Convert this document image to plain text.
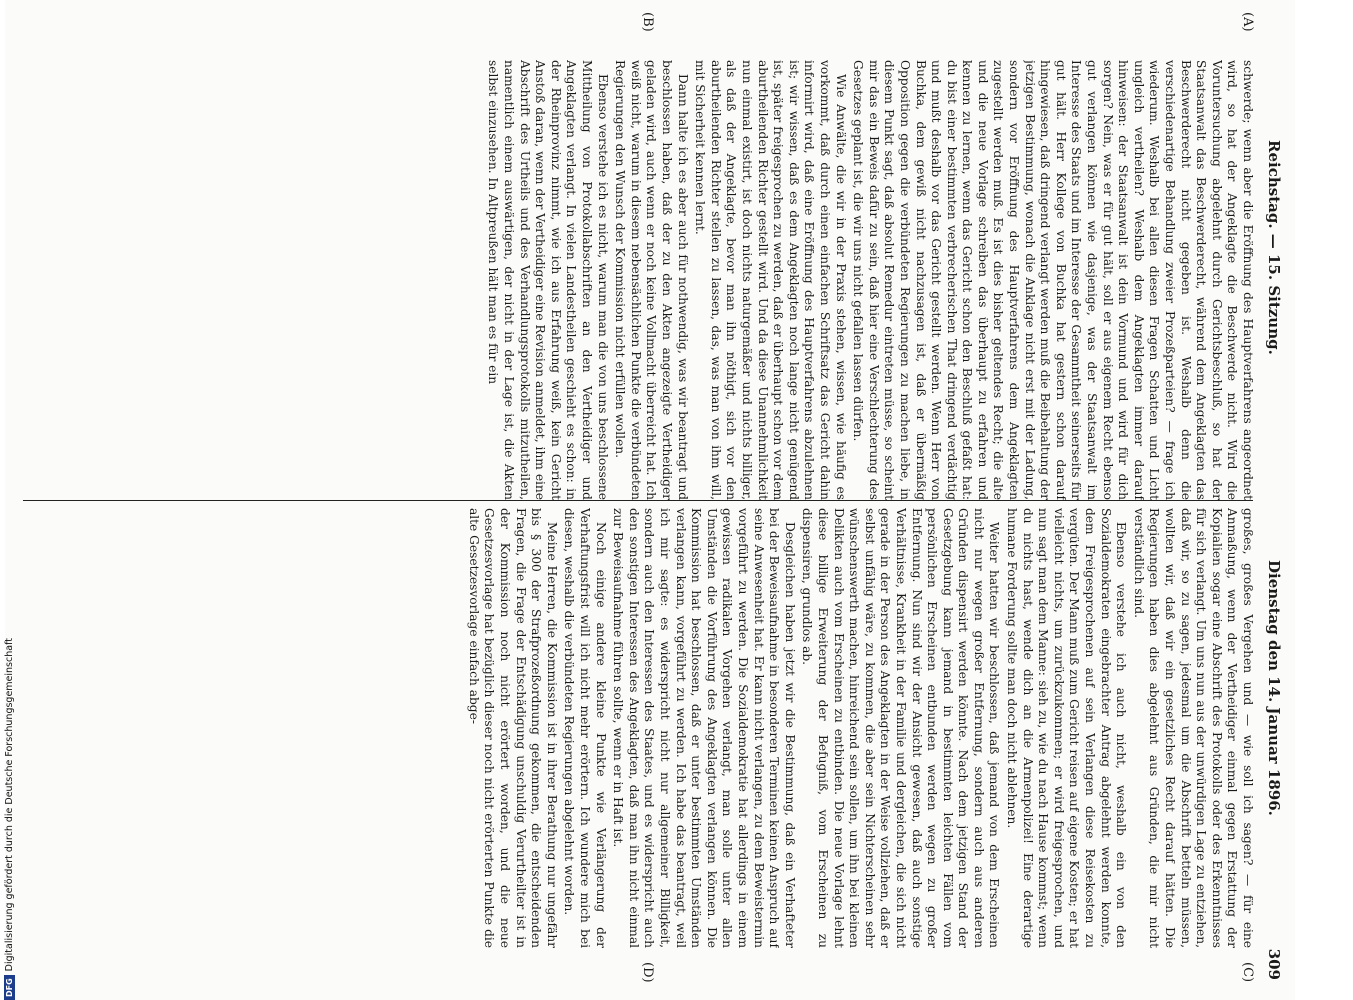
Reichstag. — 15. Sitzung.
Dienstag den 14. Januar 1896.
309
(A)
(B)
(C)
(D)

schwerde; wenn aber die Eröffnung des Hauptverfahrens angeordnet wird, so hat der Angeklagte die Beschwerde nicht. Wird die Voruntersuchung abgelehnt durch Gerichtsbeschluß, so hat der Staatsanwalt das Beschwerderecht, während dem Angeklagten das Beschwerderecht nicht gegeben ist. Weshalb denn die verschiedenartige Behandlung zweier Prozeßparteien? — frage ich wiederum. Weshalb bei allen diesen Fragen Schatten und Licht ungleich vertheilen? Weshalb dem Angeklagten immer darauf hinweisen: der Staatsanwalt ist dein Vormund und wird für dich sorgen? Nein, was er für gut hält, soll er aus eigenem Recht ebenso gut verlangen können wie dasjenige, was der Staatsanwalt im Interesse des Staats und im Interesse der Gesammtheit seinerseits für gut hält. Herr Kollege von Buchka hat gestern schon darauf hingewiesen, daß dringend verlangt werden muß die Beibehaltung der jetzigen Bestimmung, wonach die Anklage nicht erst mit der Ladung, sondern vor Eröffnung des Hauptverfahrens dem Angeklagten zugestellt werden muß. Es ist dies bisher geltendes Recht; die alte und die neue Vorlage schreiben das überhaupt zu erfahren und kennen zu lernen, wenn das Gericht schon den Beschluß gefaßt hat: du bist einer bestimmten verbrecherischen That dringend verdächtig und mußt deshalb vor das Gericht gestellt werden. Wenn Herr von Buchka, dem gewiß nicht nachzusagen ist, daß er übermäßig Opposition gegen die verbündeten Regierungen zu machen liebe, in diesem Punkt sagt, daß absolut Remedur eintreten müsse, so scheint mir das ein Beweis dafür zu sein, daß hier eine Verschlechterung des Gesetzes geplant ist, die wir uns nicht gefallen lassen dürfen.

Wie Anwälte, die wir in der Praxis stehen, wissen, wie häufig es vorkommt, daß durch einen einfachen Schriftsatz das Gericht dahin informirt wird, daß eine Eröffnung des Hauptverfahrens abzulehnen ist; wir wissen, daß es dem Angeklagten noch lange nicht genügend ist, später freigesprochen zu werden, daß er überhaupt schon vor dem aburtheilenden Richter gestellt wird. Und da diese Unannehmlichkeit nun einmal existirt, ist doch nichts naturgemäßer und nichts billiger, als daß der Angeklagte, bevor man ihn nöthigt, sich vor den aburtheilenden Richter stellen zu lassen, das, was man von ihm will, mit Sicherheit kennen lernt.

Dann halte ich es aber auch für nothwendig, was wir beantragt und beschlossen haben, daß der zu den Akten angezeigte Vertheidiger geladen wird, auch wenn er noch keine Vollmacht überreicht hat. Ich weiß nicht, warum in diesem nebensächlichen Punkte die verbündeten Regierungen den Wunsch der Kommission nicht erfüllen wollen.

Ebenso verstehe ich es nicht, warum man die von uns beschlossene Mittheilung von Protokollabschriften an den Vertheidiger und Angeklagten verlangt. In vielen Landestheilen geschieht es schon: in der Rheinprovinz nimmt, wie ich aus Erfahrung weiß, kein Gericht Anstoß daran, wenn der Vertheidiger eine Revision anmeldet, ihm eine Abschrift des Urtheils und des Verhandlungsprotokolls mitzutheilen, namentlich einem auswärtigen, der nicht in der Lage ist, die Akten selbst einzusehen. In Altpreußen hält man es für ein

großes, großes Vergehen und — wie soll ich sagen? — für eine Anmaßung, wenn der Vertheidiger einmal gegen Erstattung der Kopialien sogar eine Abschrift des Protokolls oder des Erkenntnisses für sich verlangt. Um uns nun aus der unwürdigen Lage zu entziehen, daß wir, so zu sagen, jedesmal um die Abschrift betteln müssen, wollten wir, daß wir ein gesetzliches Recht darauf hätten. Die Regierungen haben dies abgelehnt aus Gründen, die mir nicht verständlich sind.

Ebenso verstehe ich auch nicht, weshalb ein von den Sozialdemokraten eingebrachter Antrag abgelehnt werden konnte, dem Freigesprochenen auf sein Verlangen diese Reisekosten zu vergüten. Der Mann muß zum Gericht reisen auf eigene Kosten; er hat vielleicht nichts, um zurückzukommen; er wird freigesprochen, und nun sagt man dem Manne: sieh zu, wie du nach Hause kommst; wenn du nichts hast, wende dich an die Armenpolizei! Eine derartige humane Forderung sollte man doch nicht ablehnen.

Weiter hatten wir beschlossen, daß jemand von dem Erscheinen nicht nur wegen großer Entfernung, sondern auch aus anderen Gründen dispensirt werden könnte. Nach dem jetzigen Stand der Gesetzgebung kann jemand in bestimmten leichten Fällen vom persönlichen Erscheinen entbunden werden wegen zu großer Entfernung. Nun sind wir der Ansicht gewesen, daß auch sonstige Verhältnisse, Krankheit in der Familie und dergleichen, die sich nicht gerade in der Person des Angeklagten in der Weise vollziehen, daß er selbst unfähig wäre, zu kommen, die aber sein Nichterscheinen sehr wünschenswerth machen, hinreichend sein sollen, um ihn bei kleinen Delikten auch vom Erscheinen zu entbinden. Die neue Vorlage lehnt diese billige Erweiterung der Befugniß, vom Erscheinen zu dispensiren, grundlos ab.

Desgleichen haben jetzt wir die Bestimmung, daß ein Verhafteter bei der Beweisaufnahme in besonderen Terminen keinen Anspruch auf seine Anwesenheit hat. Er kann nicht verlangen, zu dem Beweistermin vorgeführt zu werden. Die Sozialdemokratie hat allerdings in einem gewissen radikalen Vorgehen verlangt, man solle unter allen Umständen die Vorführung des Angeklagten verlangen können. Die Kommission hat beschlossen, daß er unter bestimmten Umständen verlangen kann, vorgeführt zu werden. Ich habe das beantragt, weil ich mir sagte: es widerspricht nicht nur allgemeiner Billigkeit, sondern auch den Interessen des Staates, und es widerspricht auch den sonstigen Interessen des Angeklagten, daß man ihn nicht einmal zur Beweisaufnahme führen sollte, wenn er in Haft ist.

Noch einige andere kleine Punkte wie Verlängerung der Verhaftungsfrist will ich nicht mehr erörtern. Ich wundere mich bei diesen, weshalb die verbündeten Regierungen abgelehnt worden.

Meine Herren, die Kommission ist in ihrer Berathung nur ungefähr bis § 300 der Strafprozeßordnung gekommen, die entscheidenden Fragen, die Frage der Entschädigung unschuldig Verurtheilter ist in der Kommission noch nicht erörtert worden, und die neue Gesetzesvorlage hat bezüglich dieser noch nicht erörterten Punkte die alte Gesetzesvorlage einfach abge-

DFG
Digitalisierung gefördert durch die Deutsche Forschungsgemeinschaft
